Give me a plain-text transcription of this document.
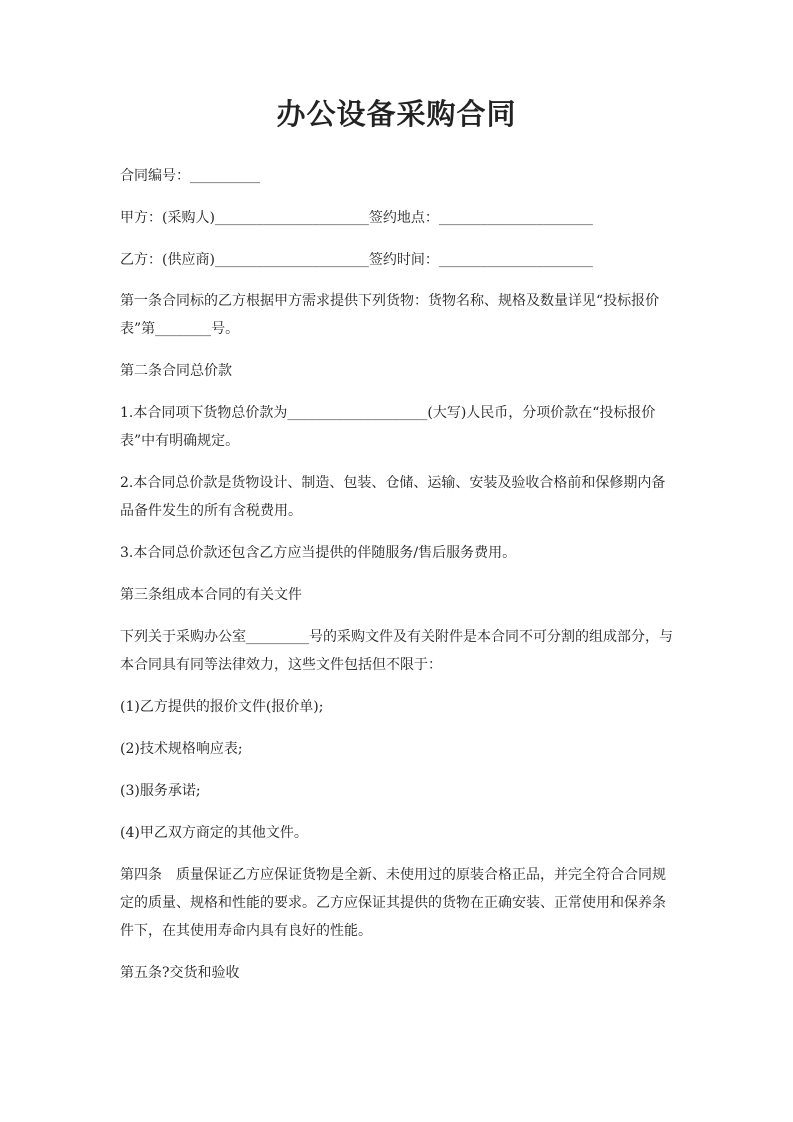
办公设备采购合同

合同编号：__________

甲方：(采购人)______________________签约地点：______________________

乙方：(供应商)______________________签约时间：______________________

第一条合同标的乙方根据甲方需求提供下列货物：货物名称、规格及数量详见“投标报价表”第________号。

第二条合同总价款

1.本合同项下货物总价款为____________________(大写)人民币，分项价款在“投标报价表”中有明确规定。

2.本合同总价款是货物设计、制造、包装、仓储、运输、安装及验收合格前和保修期内备品备件发生的所有含税费用。

3.本合同总价款还包含乙方应当提供的伴随服务/售后服务费用。

第三条组成本合同的有关文件

下列关于采购办公室_________号的采购文件及有关附件是本合同不可分割的组成部分，与本合同具有同等法律效力，这些文件包括但不限于：

(1)乙方提供的报价文件(报价单);

(2)技术规格响应表;

(3)服务承诺;

(4)甲乙双方商定的其他文件。

第四条　质量保证乙方应保证货物是全新、未使用过的原装合格正品，并完全符合合同规定的质量、规格和性能的要求。乙方应保证其提供的货物在正确安装、正常使用和保养条件下，在其使用寿命内具有良好的性能。

第五条?交货和验收
